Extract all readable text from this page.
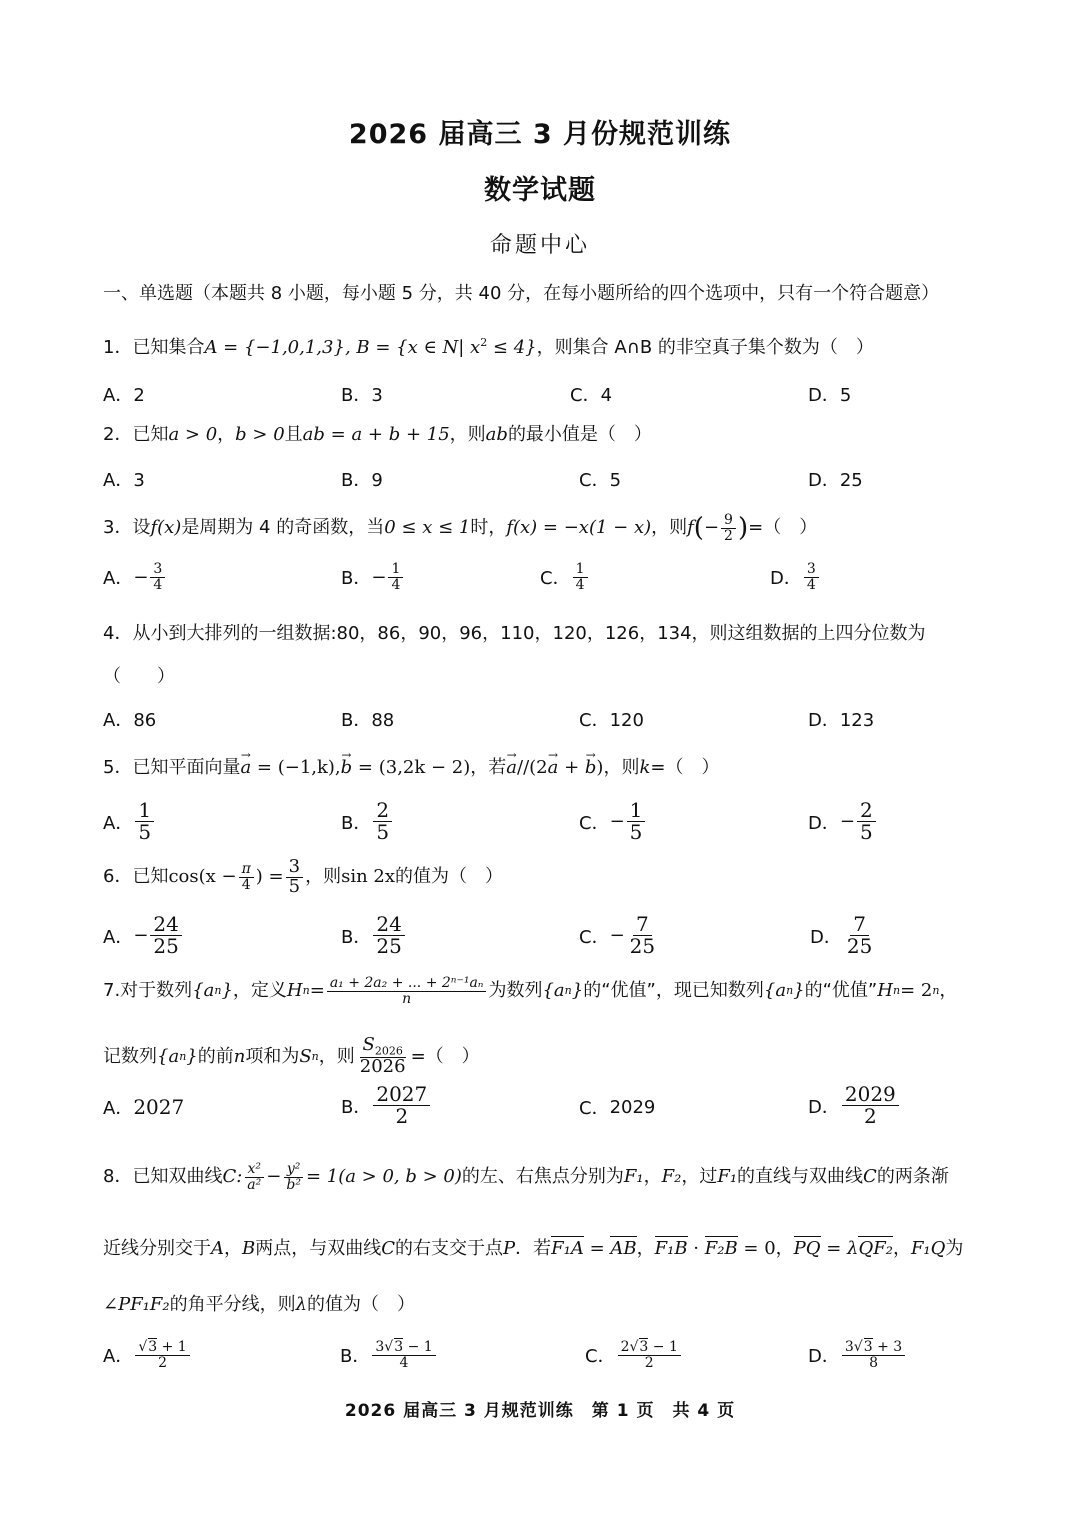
2026 届高三 3 月份规范训练
数学试题
命题中心
一、单选题（本题共 8 小题，每小题 5 分，共 40 分，在每小题所给的四个选项中，只有一个符合题意）
1．已知集合A = {−1,0,1,3}, B = {x ∈ N| $x^2 \le 4$}，则集合 A∩B 的非空真子集个数为（　）
A．2	B．3	C．4	D．5
2．已知a > 0，b > 0且ab = a + b + 15，则ab的最小值是（　）
A．3	B．9	C．5	D．25
3．设 f(x) 是周期为 4 的奇函数，当 0 ≤ x ≤ 1 时， f(x) = −x(1 − x) ，则 f ( − $\frac{9}{2}$ ) =（　）
A． − $\frac{3}{4}$	B． − $\frac{1}{4}$	C． $\frac{1}{4}$	D． $\frac{3}{4}$
4．从小到大排列的一组数据:80，86，90，96，110，120，126，134，则这组数据的上四分位数为
（　　）
A．86	B．88	C．120	D．123
5．已知平面向量→ a = (−1,k),→ b = (3,2k − 2)，若→ a//(2→ a + → b)，则k=（　）
A． $\frac{1}{5}$	B． $\frac{2}{5}$	C． − $\frac{1}{5}$	D． − $\frac{2}{5}$
6．已知 $\cos(x - \frac{\pi}{4}$ ) = $\frac{3}{5}$ ，则 sin 2x 的值为（　）
A． − $\frac{24}{25}$	B． $\frac{24}{25}$	C． − $\frac{7}{25}$	D． $\frac{7}{25}$
7.对于数列 {a n } ，定义 H $n = \frac{\text{a₁ + 2a₂ + ... + 2ⁿ⁻¹aₙ}}{n}$ 为数列 {a n } 的“优值”，现已知数列 {a n } 的“优值” H n = 2 n ，
记数列 {a n } 的前 n 项和为 S n ，则 $\frac{S_{2026}}{2026}$ =（　）
A． 2027	B． $\frac{2027}{2}$	C． 2029	D． $\frac{2029}{2}$
8．已知双曲线 C: $\frac{\text{x²}}{\text{a²}} - \frac{\text{y²}}{\text{b²}} = 1(a > 0$, b > 0) 的左、右焦点分别为 F₁ ， F₂ ，过 F₁ 的直线与双曲线 C 的两条渐
近线分别交于A，B两点，与双曲线C的右支交于点P．若F₁A = AB，F₁B · F₂B = 0，PQ = λQF₂，F₁Q为
∠PF₁F₂的角平分线，则λ的值为（　）
A． $\frac{√3 + 1}{2}$	B． $\frac{3√3 - 1}{4}$	C． $\frac{2√3 - 1}{2}$	D． $\frac{3√3 + 3}{8}$
2026 届高三 3 月规范训练　第 1 页　共 4 页
